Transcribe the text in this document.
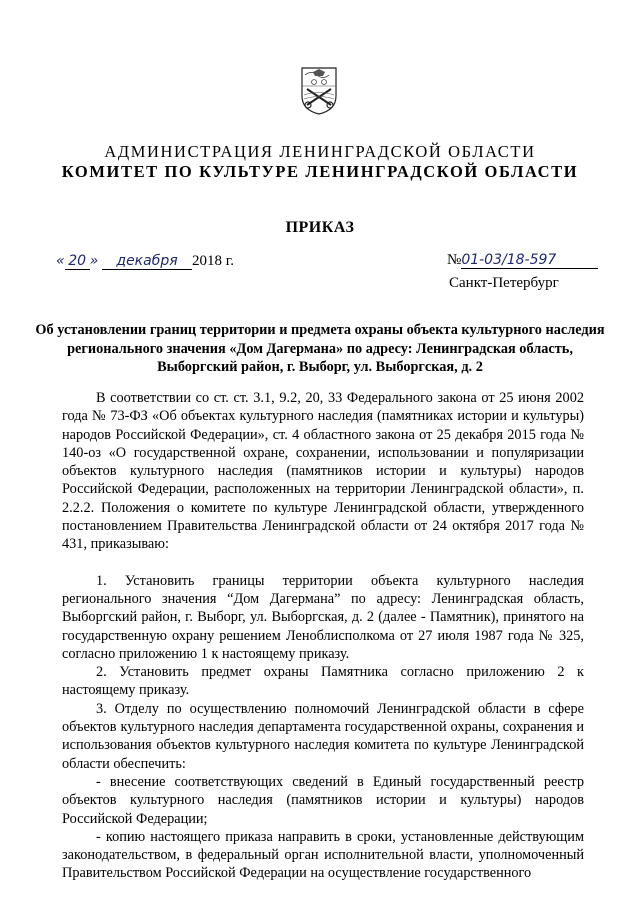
АДМИНИСТРАЦИЯ ЛЕНИНГРАДСКОЙ ОБЛАСТИ
КОМИТЕТ ПО КУЛЬТУРЕ ЛЕНИНГРАДСКОЙ ОБЛАСТИ
ПРИКАЗ
« 20 » декабря 2018 г.	№01-03/18-597
Санкт-Петербург
Об установлении границ территории и предмета охраны объекта культурного наследия регионального значения «Дом Дагермана» по адресу: Ленинградская область, Выборгский район, г. Выборг, ул. Выборгская, д. 2

В соответствии со ст. ст. 3.1, 9.2, 20, 33 Федерального закона от 25 июня 2002 года № 73-ФЗ «Об объектах культурного наследия (памятниках истории и культуры) народов Российской Федерации», ст. 4 областного закона от 25 декабря 2015 года № 140-оз «О государственной охране, сохранении, использовании и популяризации объектов культурного наследия (памятников истории и культуры) народов Российской Федерации, расположенных на территории Ленинградской области», п. 2.2.2. Положения о комитете по культуре Ленинградской области, утвержденного постановлением Правительства Ленинградской области от 24 октября 2017 года № 431, приказываю:

1. Установить границы территории объекта культурного наследия регионального значения “Дом Дагермана” по адресу: Ленинградская область, Выборгский район, г. Выборг, ул. Выборгская, д. 2 (далее - Памятник), принятого на государственную охрану решением Леноблисполкома от 27 июля 1987 года № 325, согласно приложению 1 к настоящему приказу.

2. Установить предмет охраны Памятника согласно приложению 2 к настоящему приказу.

3. Отделу по осуществлению полномочий Ленинградской области в сфере объектов культурного наследия департамента государственной охраны, сохранения и использования объектов культурного наследия комитета по культуре Ленинградской области обеспечить:

- внесение соответствующих сведений в Единый государственный реестр объектов культурного наследия (памятников истории и культуры) народов Российской Федерации;

- копию настоящего приказа направить в сроки, установленные действующим законодательством, в федеральный орган исполнительной власти, уполномоченный Правительством Российской Федерации на осуществление государственного
